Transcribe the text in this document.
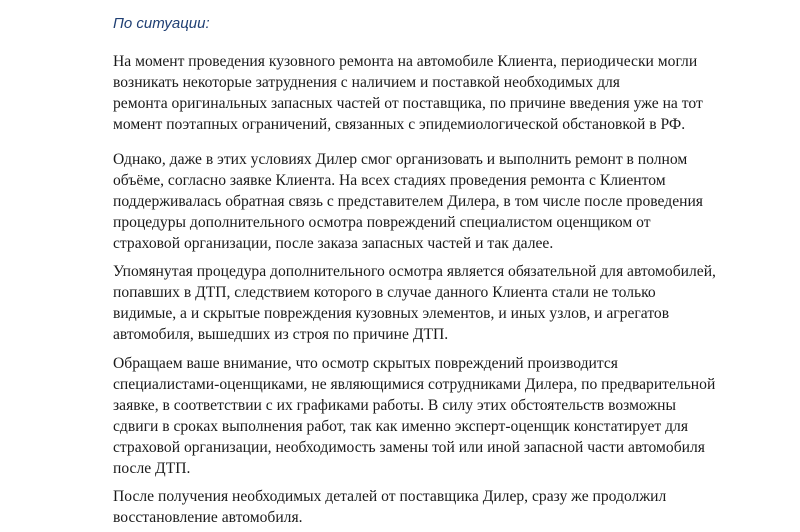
По ситуации:

На момент проведения кузовного ремонта на автомобиле Клиента, периодически могли
возникать некоторые затруднения с наличием и поставкой необходимых для
ремонта оригинальных запасных частей от поставщика, по причине введения уже на тот
момент поэтапных ограничений, связанных с эпидемиологической обстановкой в РФ.

Однако, даже в этих условиях Дилер смог организовать и выполнить ремонт в полном
объёме, согласно заявке Клиента. На всех стадиях проведения ремонта с Клиентом
поддерживалась обратная связь с представителем Дилера, в том числе после проведения
процедуры дополнительного осмотра повреждений специалистом оценщиком от
страховой организации, после заказа запасных частей и так далее.

Упомянутая процедура дополнительного осмотра является обязательной для автомобилей,
попавших в ДТП, следствием которого в случае данного Клиента стали не только
видимые, а и скрытые повреждения кузовных элементов, и иных узлов, и агрегатов
автомобиля, вышедших из строя по причине ДТП.

Обращаем ваше внимание, что осмотр скрытых повреждений производится
специалистами-оценщиками, не являющимися сотрудниками Дилера, по предварительной
заявке, в соответствии с их графиками работы. В силу этих обстоятельств возможны
сдвиги в сроках выполнения работ, так как именно эксперт-оценщик констатирует для
страховой организации, необходимость замены той или иной запасной части автомобиля
после ДТП.

После получения необходимых деталей от поставщика Дилер, сразу же продолжил
восстановление автомобиля.
